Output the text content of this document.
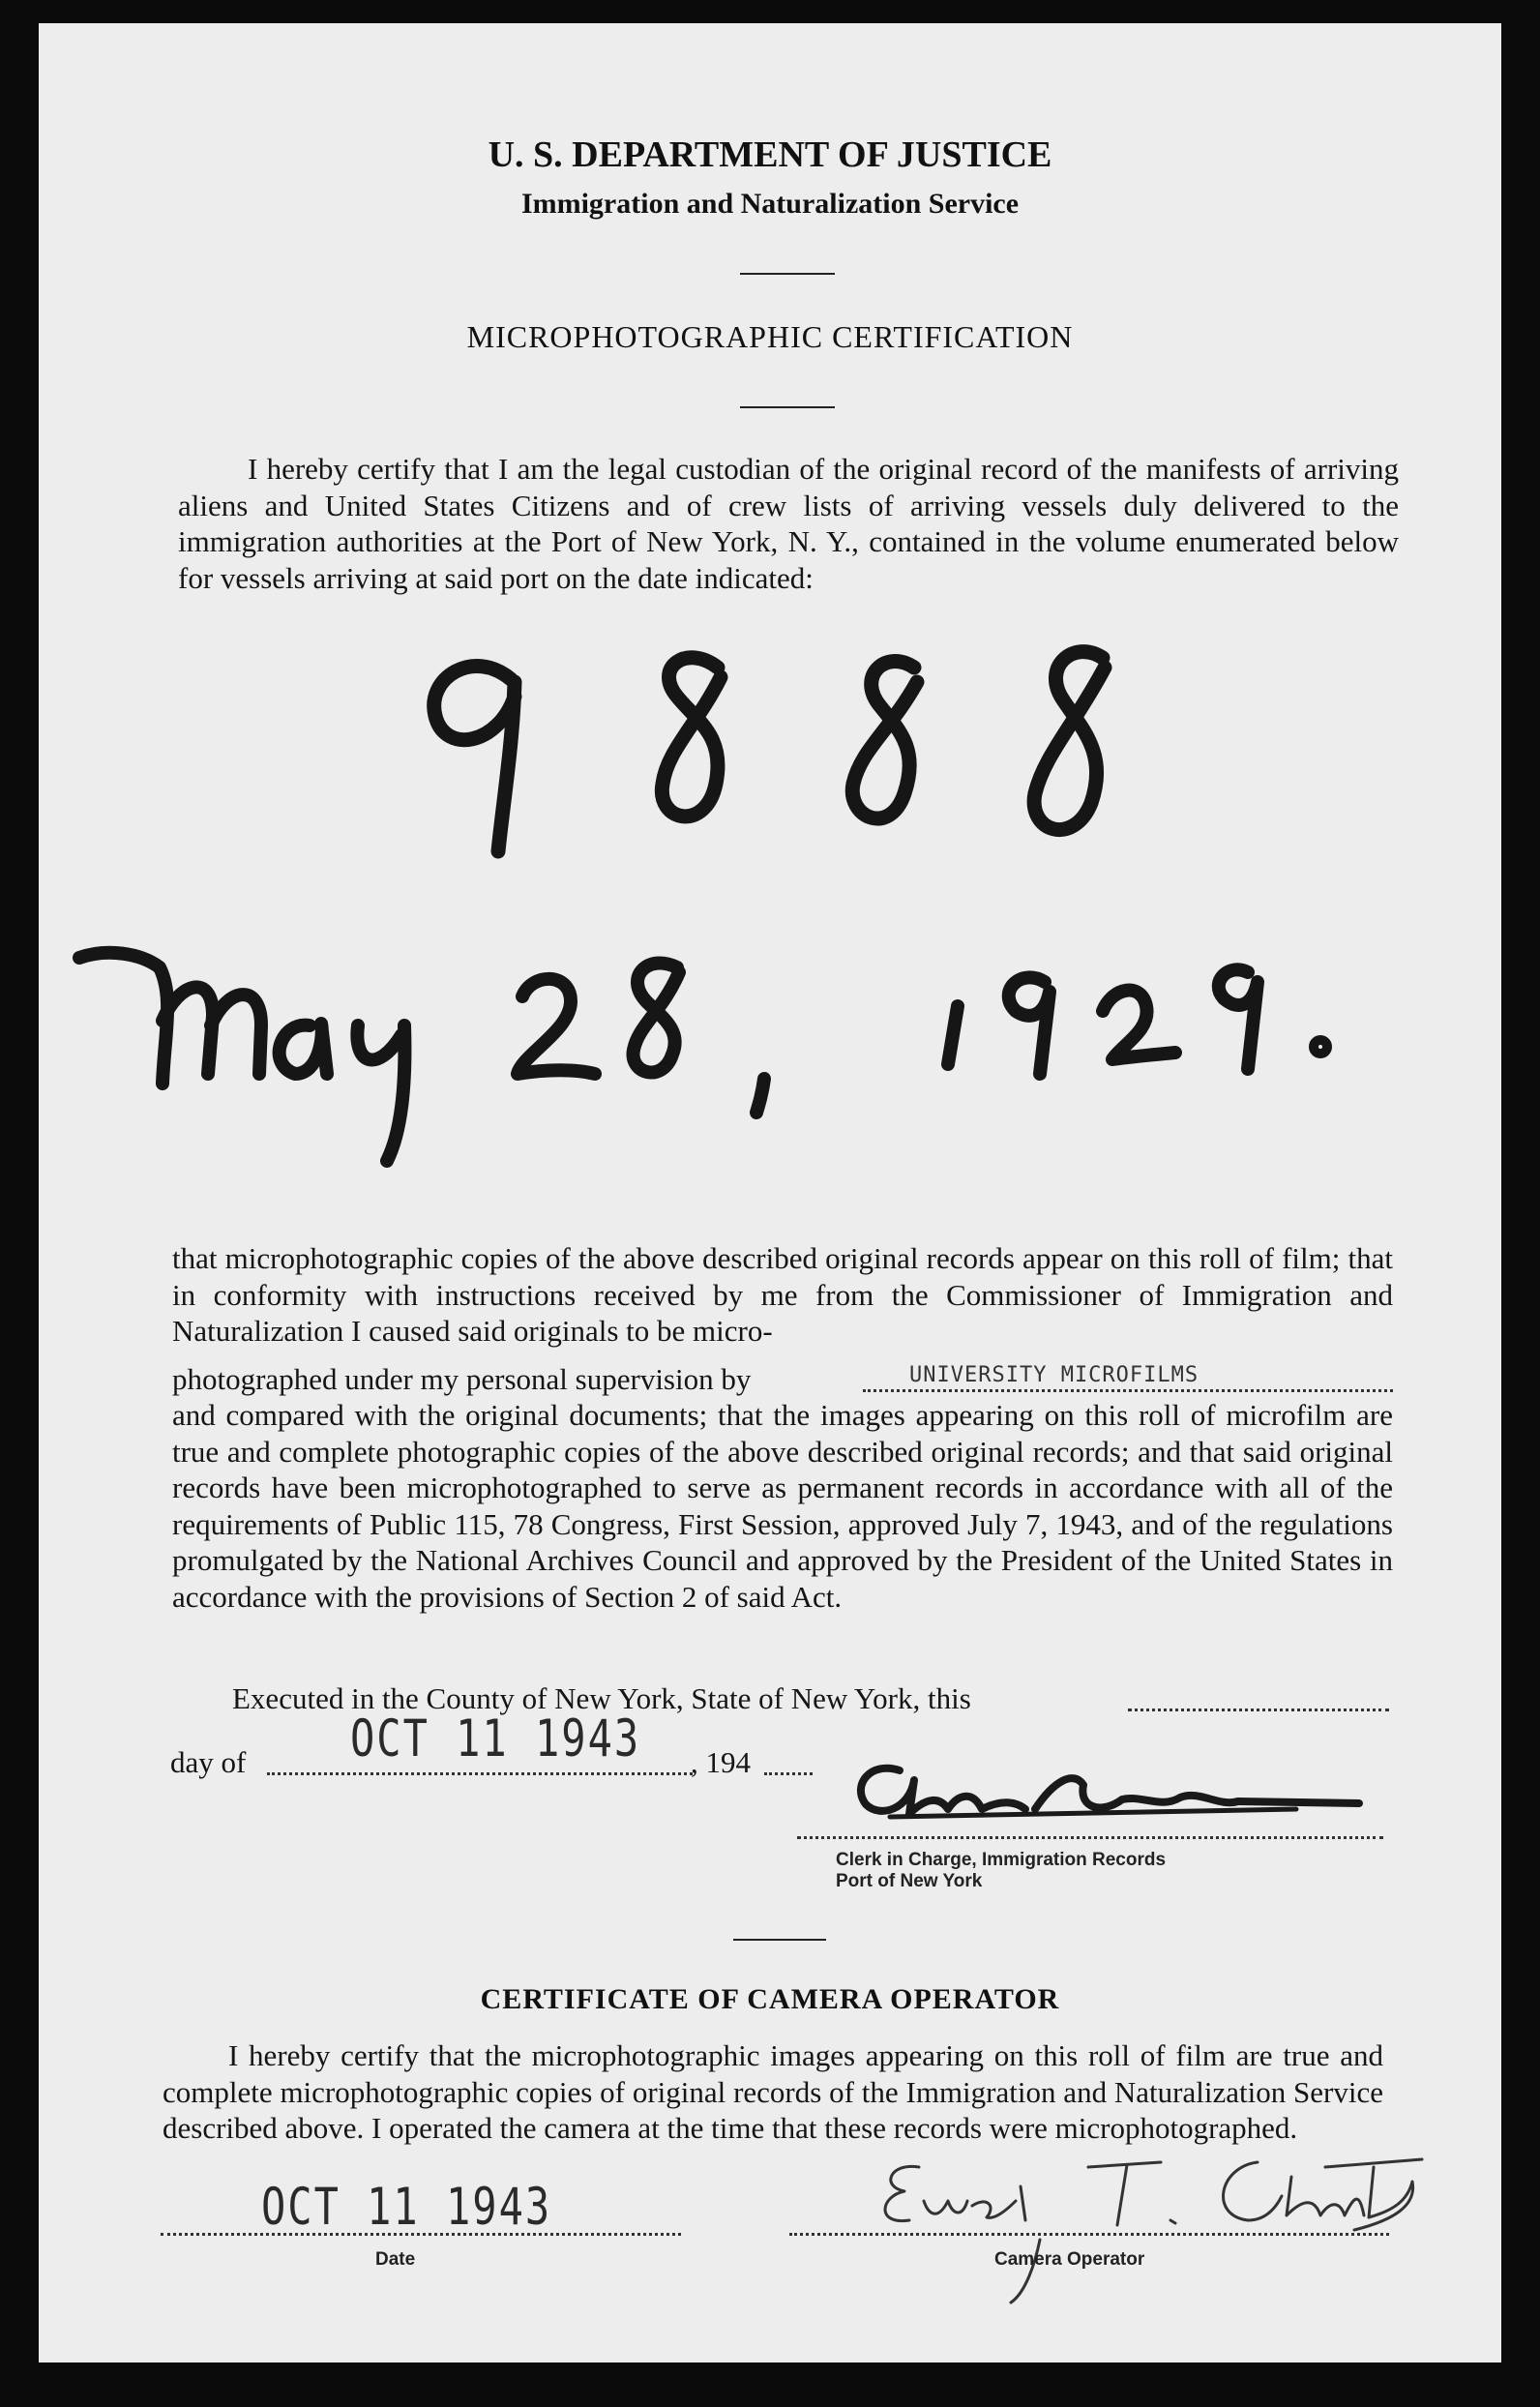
U. S. DEPARTMENT OF JUSTICE
Immigration and Naturalization Service
MICROPHOTOGRAPHIC CERTIFICATION
I hereby certify that I am the legal custodian of the original record of the manifests of arriving aliens and United States Citizens and of crew lists of arriving vessels duly delivered to the immigration authorities at the Port of New York, N. Y., contained in the volume enumerated below for vessels arriving at said port on the date indicated:
that microphotographic copies of the above described original records appear on this roll of film; that in conformity with instructions received by me from the Commissioner of Immigration and Naturalization I caused said originals to be micro-
photographed under my personal supervision by	UNIVERSITY MICROFILMS
and compared with the original documents; that the images appearing on this roll of microfilm are true and complete photographic copies of the above described original records; and that said original records have been microphotographed to serve as permanent records in accordance with all of the requirements of Public 115, 78 Congress, First Session, approved July 7, 1943, and of the regulations promulgated by the National Archives Council and approved by the President of the United States in accordance with the provisions of Section 2 of said Act.
Executed in the County of New York, State of New York, this
day of	OCT 11 1943 , 194
Clerk in Charge, Immigration Records
Port of New York
CERTIFICATE OF CAMERA OPERATOR
I hereby certify that the microphotographic images appearing on this roll of film are true and complete microphotographic copies of original records of the Immigration and Naturalization Service described above. I operated the camera at the time that these records were microphotographed.
OCT 11 1943
Date	Camera Operator
